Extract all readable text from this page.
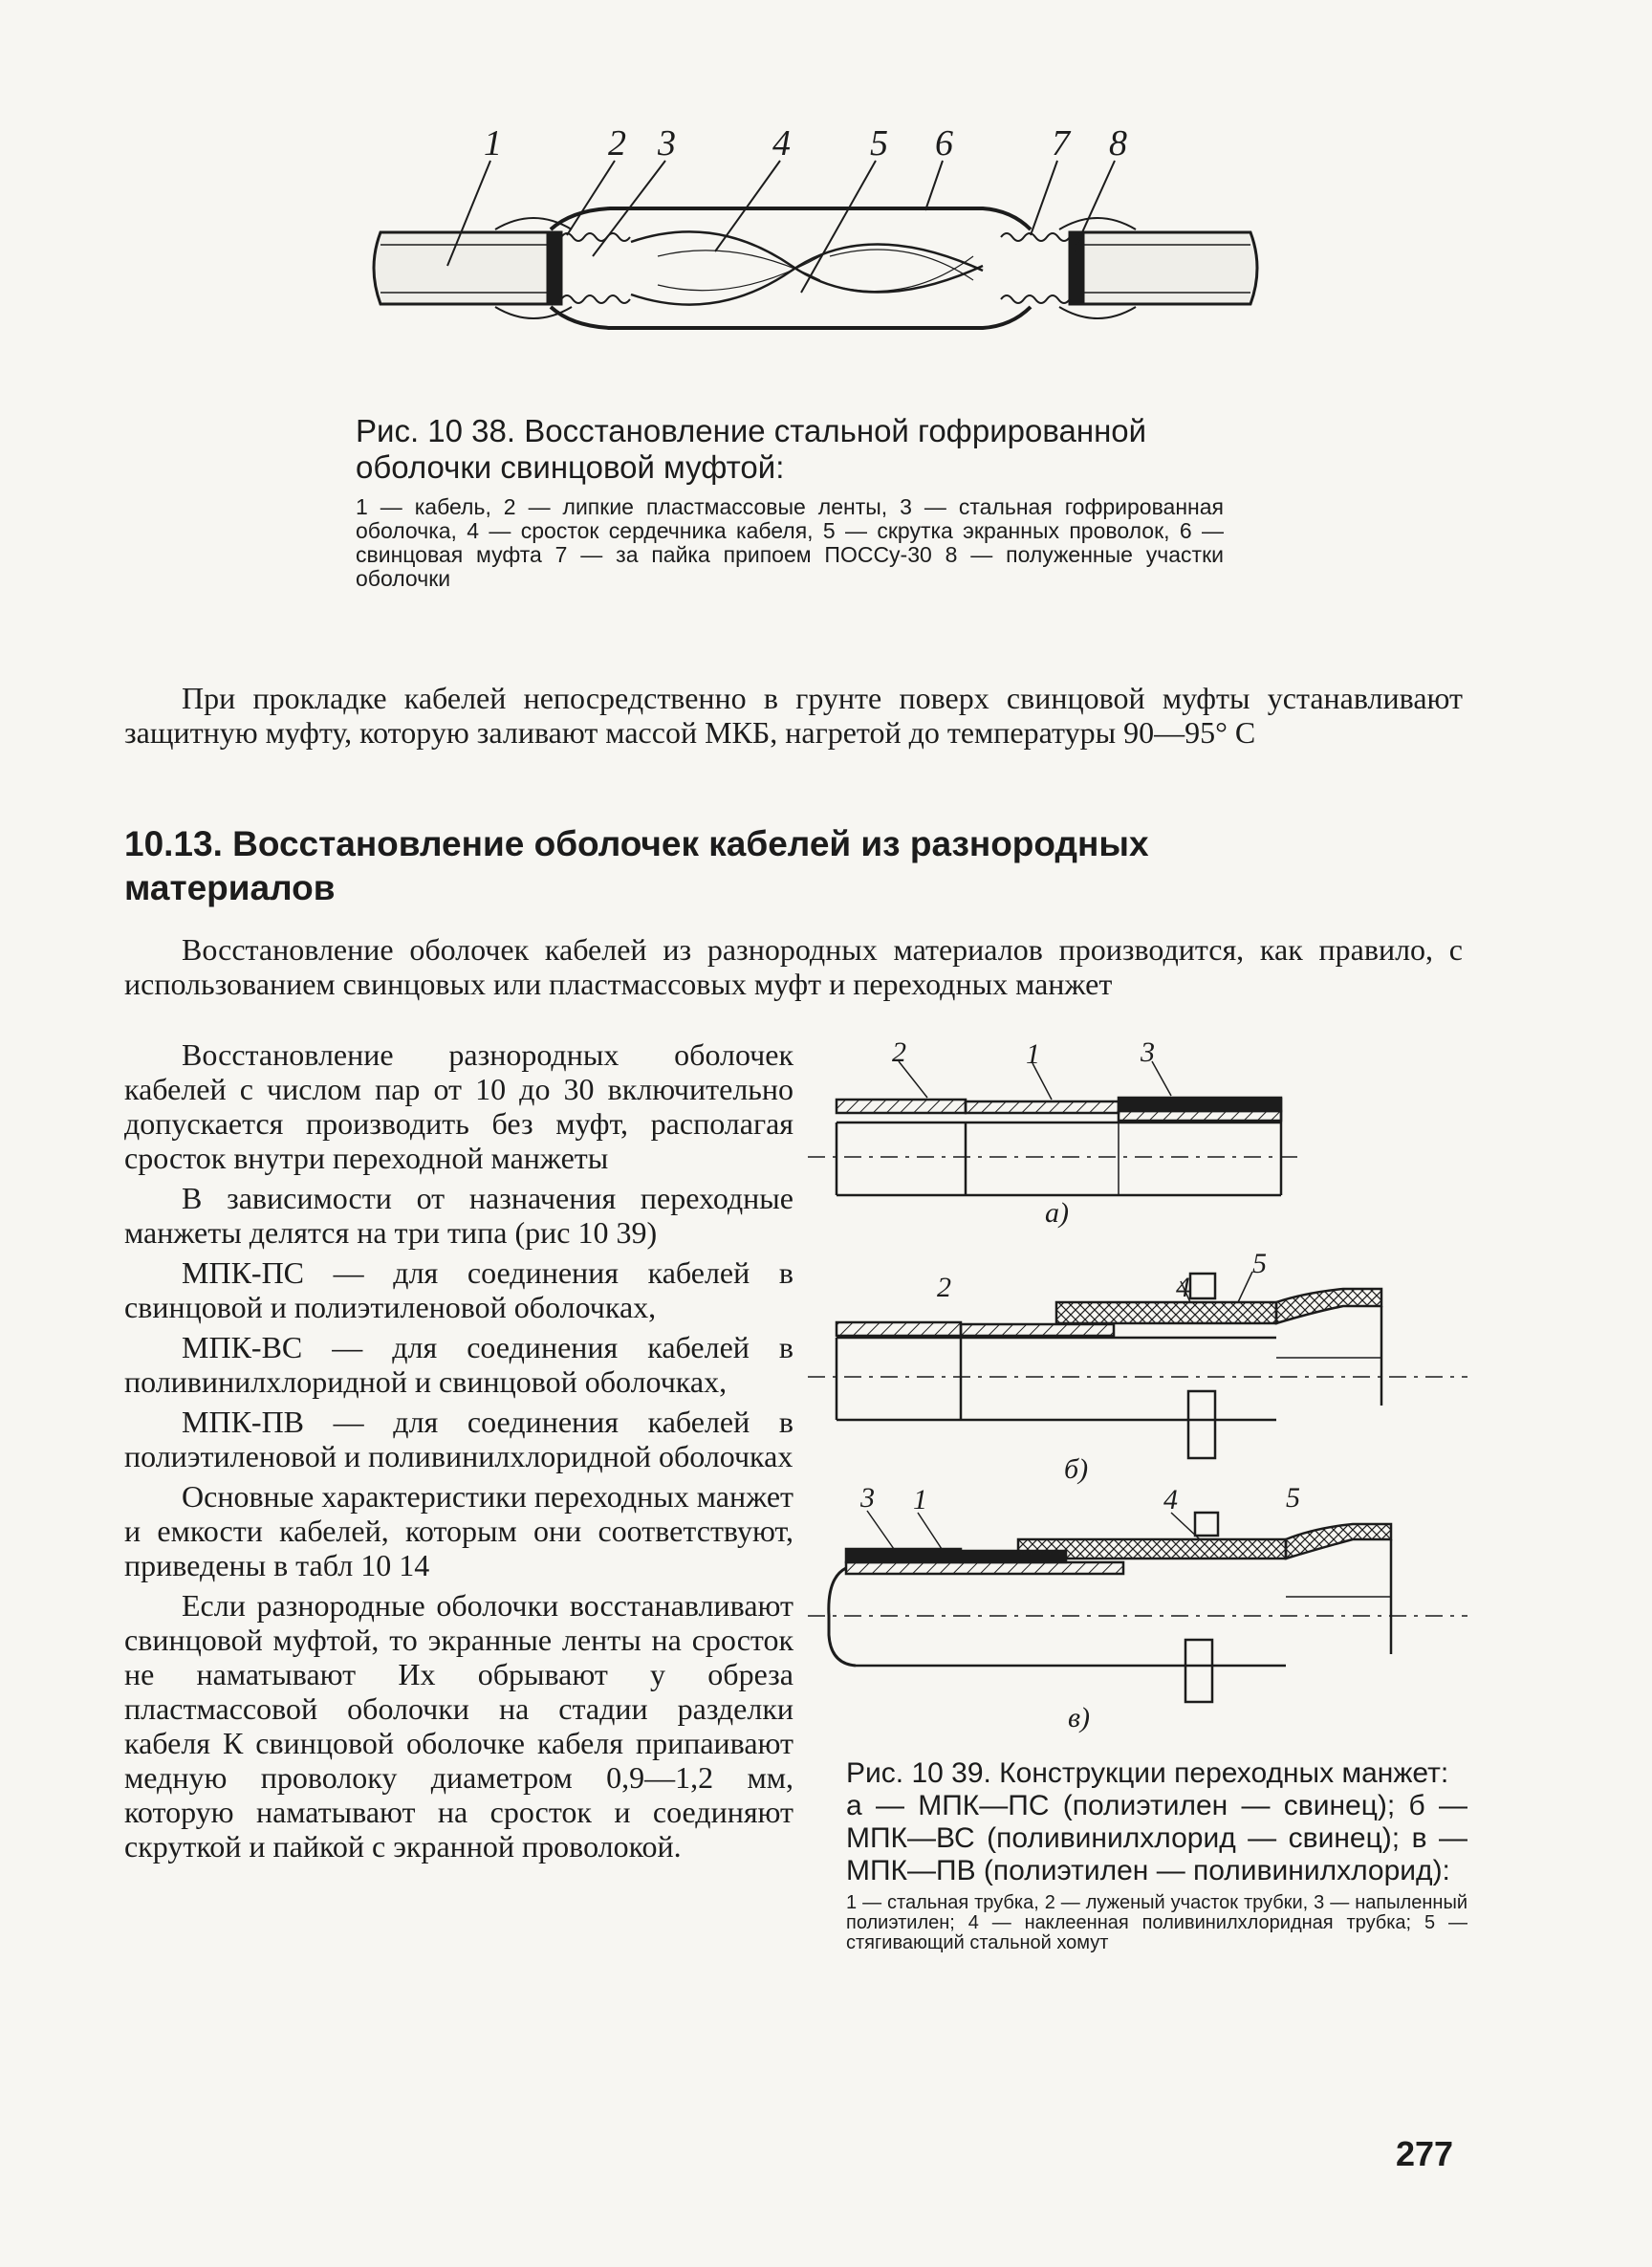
1	2 3	4 5 6	7 8

Рис. 10 38. Восстановление стальной гофрированной оболочки свинцовой муфтой:

1 — кабель, 2 — липкие пластмассовые ленты, 3 — стальная гофрированная оболочка, 4 — сросток сердечника кабеля, 5 — скрутка экранных проволок, 6 — свинцовая муфта 7 — за пайка припоем ПОССу-30 8 — полуженные участки оболочки

При прокладке кабелей непосредственно в грунте поверх свинцовой муфты устанавливают защитную муфту, которую заливают массой МКБ, нагретой до температуры 90—95° С

10.13. Восстановление оболочек кабелей из разнородных материалов

Восстановление оболочек кабелей из разнородных материалов производится, как правило, с использованием свинцовых или пластмассовых муфт и переходных манжет

Восстановление разнородных оболочек кабелей с числом пар от 10 до 30 включительно допускается производить без муфт, располагая сросток внутри переходной манжеты

В зависимости от назначения переходные манжеты делятся на три типа (рис 10 39)

МПК-ПС — для соединения кабелей в свинцовой и полиэтиленовой оболочках,

МПК-ВС — для соединения кабелей в поливинилхлоридной и свинцовой оболочках,

МПК-ПВ — для соединения кабелей в полиэтиленовой и поливинилхлоридной оболочках

Основные характеристики переходных манжет и емкости кабелей, которым они соответствуют, приведены в табл 10 14

Если разнородные оболочки восстанавливают свинцовой муфтой, то экранные ленты на сросток не наматывают Их обрывают у обреза пластмассовой оболочки на стадии разделки кабеля К свинцовой оболочке кабеля припаивают медную проволоку диаметром 0,9—1,2 мм, которую наматывают на сросток и соединяют скруткой и пайкой с экранной проволокой.

2	1	3
а)
2	4
5
б)
3 1	4	5
в)

Рис. 10 39. Конструкции переходных манжет:

а — МПК—ПС (полиэтилен — свинец); б — МПК—ВС (поливинилхлорид — свинец); в — МПК—ПВ (полиэтилен — поливинилхлорид):

1 — стальная трубка, 2 — луженый участок трубки, 3 — напыленный полиэтилен; 4 — наклеенная поливинилхлоридная трубка; 5 — стягивающий стальной хомут

277
